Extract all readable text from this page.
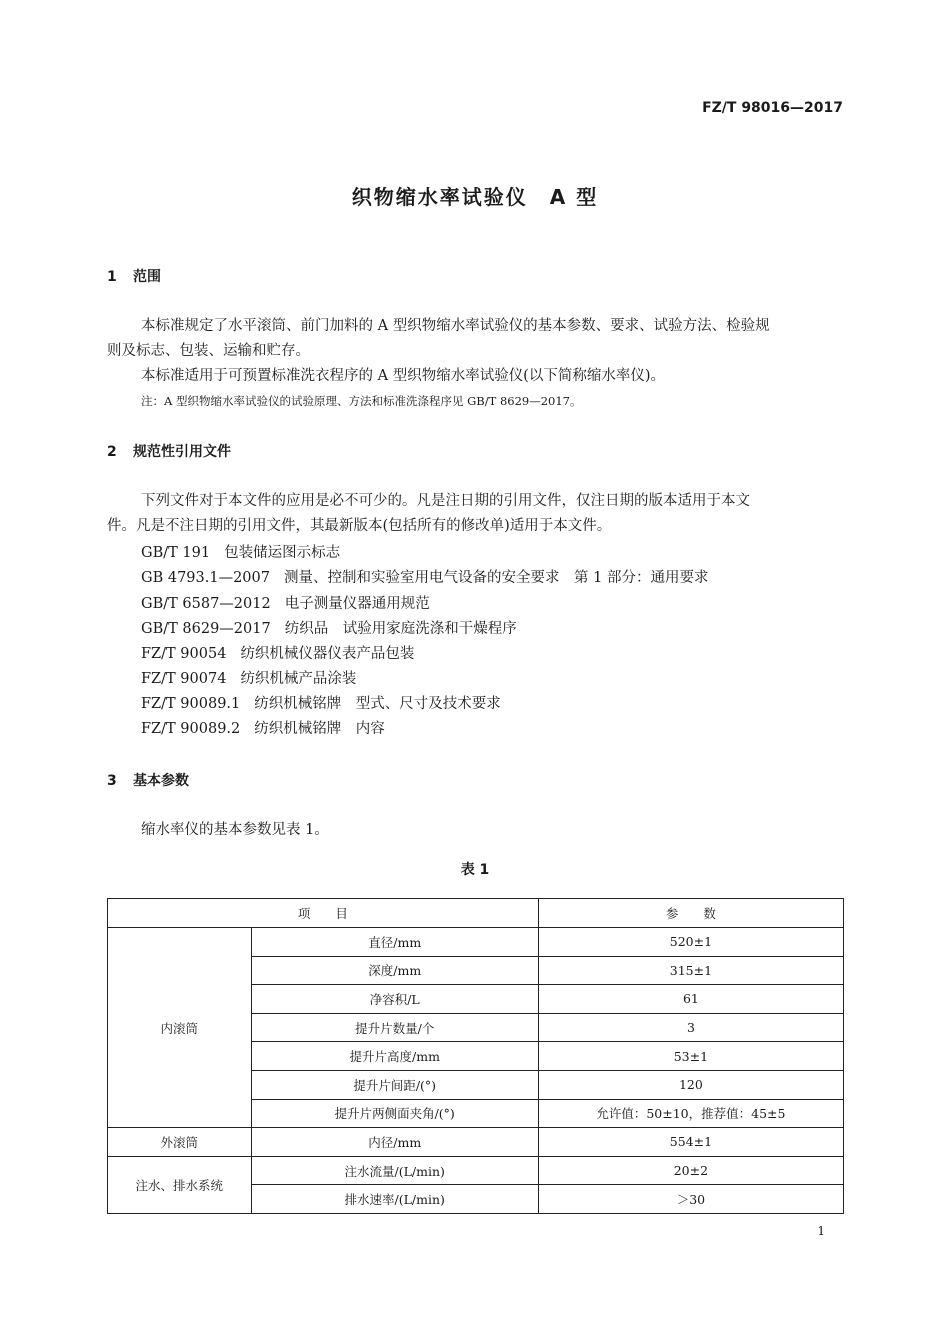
FZ/T 98016—2017
织物缩水率试验仪　A 型
1 范围
本标准规定了水平滚筒、前门加料的 A 型织物缩水率试验仪的基本参数、要求、试验方法、检验规
则及标志、包装、运输和贮存。
本标准适用于可预置标准洗衣程序的 A 型织物缩水率试验仪(以下简称缩水率仪)。
注：A 型织物缩水率试验仪的试验原理、方法和标准洗涤程序见 GB/T 8629—2017。
2 规范性引用文件
下列文件对于本文件的应用是必不可少的。凡是注日期的引用文件，仅注日期的版本适用于本文
件。凡是不注日期的引用文件，其最新版本(包括所有的修改单)适用于本文件。
GB/T 191 包装储运图示标志
GB 4793.1—2007 测量、控制和实验室用电气设备的安全要求　第 1 部分：通用要求
GB/T 6587—2012 电子测量仪器通用规范
GB/T 8629—2017 纺织品　试验用家庭洗涤和干燥程序
FZ/T 90054 纺织机械仪器仪表产品包装
FZ/T 90074 纺织机械产品涂装
FZ/T 90089.1 纺织机械铭牌　型式、尺寸及技术要求
FZ/T 90089.2 纺织机械铭牌　内容
3 基本参数
缩水率仪的基本参数见表 1。
表 1
项　　目		参　　数
内滚筒	直径/mm	520±1
	深度/mm	315±1
	净容积/L	61
	提升片数量/个	3
	提升片高度/mm	53±1
	提升片间距/(°)	120
	提升片两侧面夹角/(°)	允许值：50±10，推荐值：45±5
外滚筒	内径/mm	554±1
注水、排水系统	注水流量/(L/min)	20±2
	排水速率/(L/min)	＞30
1
